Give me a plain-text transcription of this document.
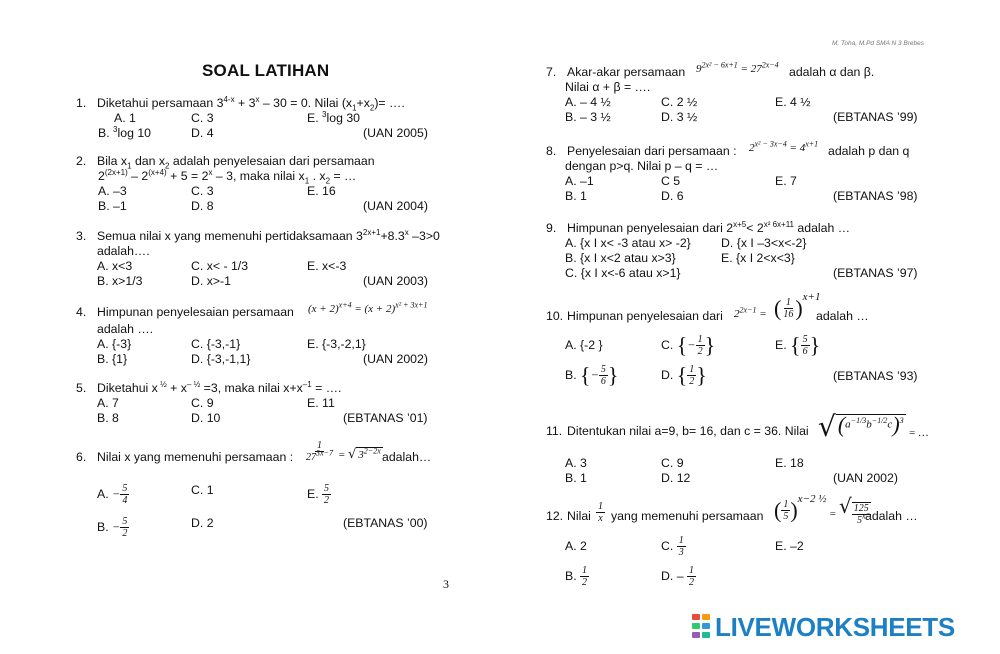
M. Toha, M.Pd SMA N 3 Brebes
SOAL LATIHAN
3
1. Diketahui persamaan $3^{4-x} + 3^x - 30 = 0$. Nilai $(x_1+x_2)=$ ….
A. 1	C. 3	E. $^3$log 30
B. $^3$log 10	D. 4	(UAN 2005)
2. Bila $x_1$ dan $x_2$ adalah penyelesaian dari persamaan
$2^{(2x+1)} - 2^{(x+4)} + 5 = 2^x - 3$, maka nilai $x_1$ . $x_2$ = …
A. –3	C. 3	E. 16
B. –1	D. 8	(UAN 2004)
3. Semua nilai x yang memenuhi pertidaksamaan $3^{2x+1}+8.3^x$ –3>0
adalah….
A. x<3	C. x< - 1/3	E. x<-3
B. x>1/3	D. x>-1	(UAN 2003)
4. Himpunan penyelesaian persamaan $(x + 2)^{x+4} = (x + 2)^{x^2 + 3x+1}$
adalah ….
A. {-3}	C. {-3,-1}	E. {-3,-2,1}
B. {1}	D. {-3,-1,1}	(UAN 2002)
5. Diketahui x $^{\frac{1}{2}} + x^{- \frac{1}{2}} =3$, maka nilai $x+x^{-1}$ = ….
A. 7	C. 9	E. 11
B. 8	D. 10	(EBTANAS ’01)
6. Nilai x yang memenuhi persamaan : $\frac{1}{27^{3x-7}}$ = √ $3^{2-2x}$ adalah…
A. − $\frac{5}{4}$	C. 1	E. $\frac{5}{2}$
B. − $\frac{5}{2}$	D. 2	(EBTANAS ’00)
7. Akar-akar persamaan $9^{2x^2 - 6x+1} = 27^{2x-4}$
adalah α dan β.
Nilai α + β = ….
A. – 4 ½	C. 2 ½	E. 4 ½
B. – 3 ½	D. 3 ½	(EBTANAS ’99)
8. Penyelesaian dari persamaan : $2^{x^2 - 3x-4} = 4^{x+1}$
adalah p dan q
dengan p>q. Nilai p – q = …
A. –1	C 5	E. 7
B. 1	D. 6	(EBTANAS ’98)
9. Himpunan penyelesaian dari $2^{x+5}< 2^{x^2 6x+11}$ adalah …
A. {x I x< -3 atau x> -2} D. {x I –3<x<-2}
B. {x I x<2 atau x>3}	E. {x I 2<x<3}
C. {x I x<-6 atau x>1}	(EBTANAS ’97)
10. Himpunan penyelesaian dari $2^{2x-1}$ = ( $\frac{1}{16} )^{x+1}$
adalah …
A. {-2 }	C. {− $\frac{1}{2}$ }	E. { $\frac{5}{6}$ }
B. {− $\frac{5}{6}$ }	D. { $\frac{1}{2}$ }	(EBTANAS ’93)
11. Ditentukan nilai a=9, b= 16, dan c = 36. Nilai $√(a^{-1/3}b^{-1/2}c)^3$ = …
A. 3	C. 9	E. 18
B. 1	D. 12	(UAN 2002)
12. Nilai $\frac{1}{x}$ yang memenuhi persamaan ( $\frac{1}{5} )^{x-2 \frac{1}{2}}$
= √ $\frac{125}{5^x}$
adalah …
A. 2	C. $\frac{1}{3}$	E. –2
B. $\frac{1}{2}$	D. – $\frac{1}{2}$
LIVEWORKSHEETS
